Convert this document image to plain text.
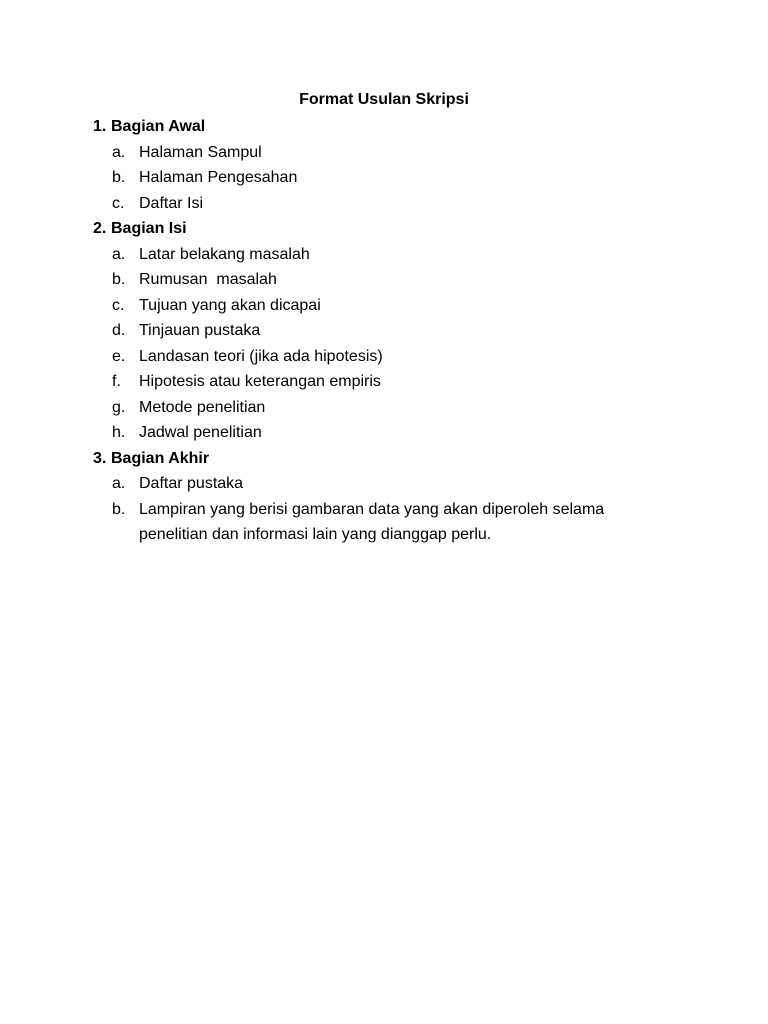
Format Usulan Skripsi
1. Bagian Awal
a. Halaman Sampul
b. Halaman Pengesahan
c. Daftar Isi
2. Bagian Isi
a. Latar belakang masalah
b. Rumusan  masalah
c. Tujuan yang akan dicapai
d. Tinjauan pustaka
e. Landasan teori (jika ada hipotesis)
f.	Hipotesis atau keterangan empiris
g. Metode penelitian
h. Jadwal penelitian
3. Bagian Akhir
a. Daftar pustaka
b. Lampiran yang berisi gambaran data yang akan diperoleh selama penelitian dan informasi lain yang dianggap perlu.
